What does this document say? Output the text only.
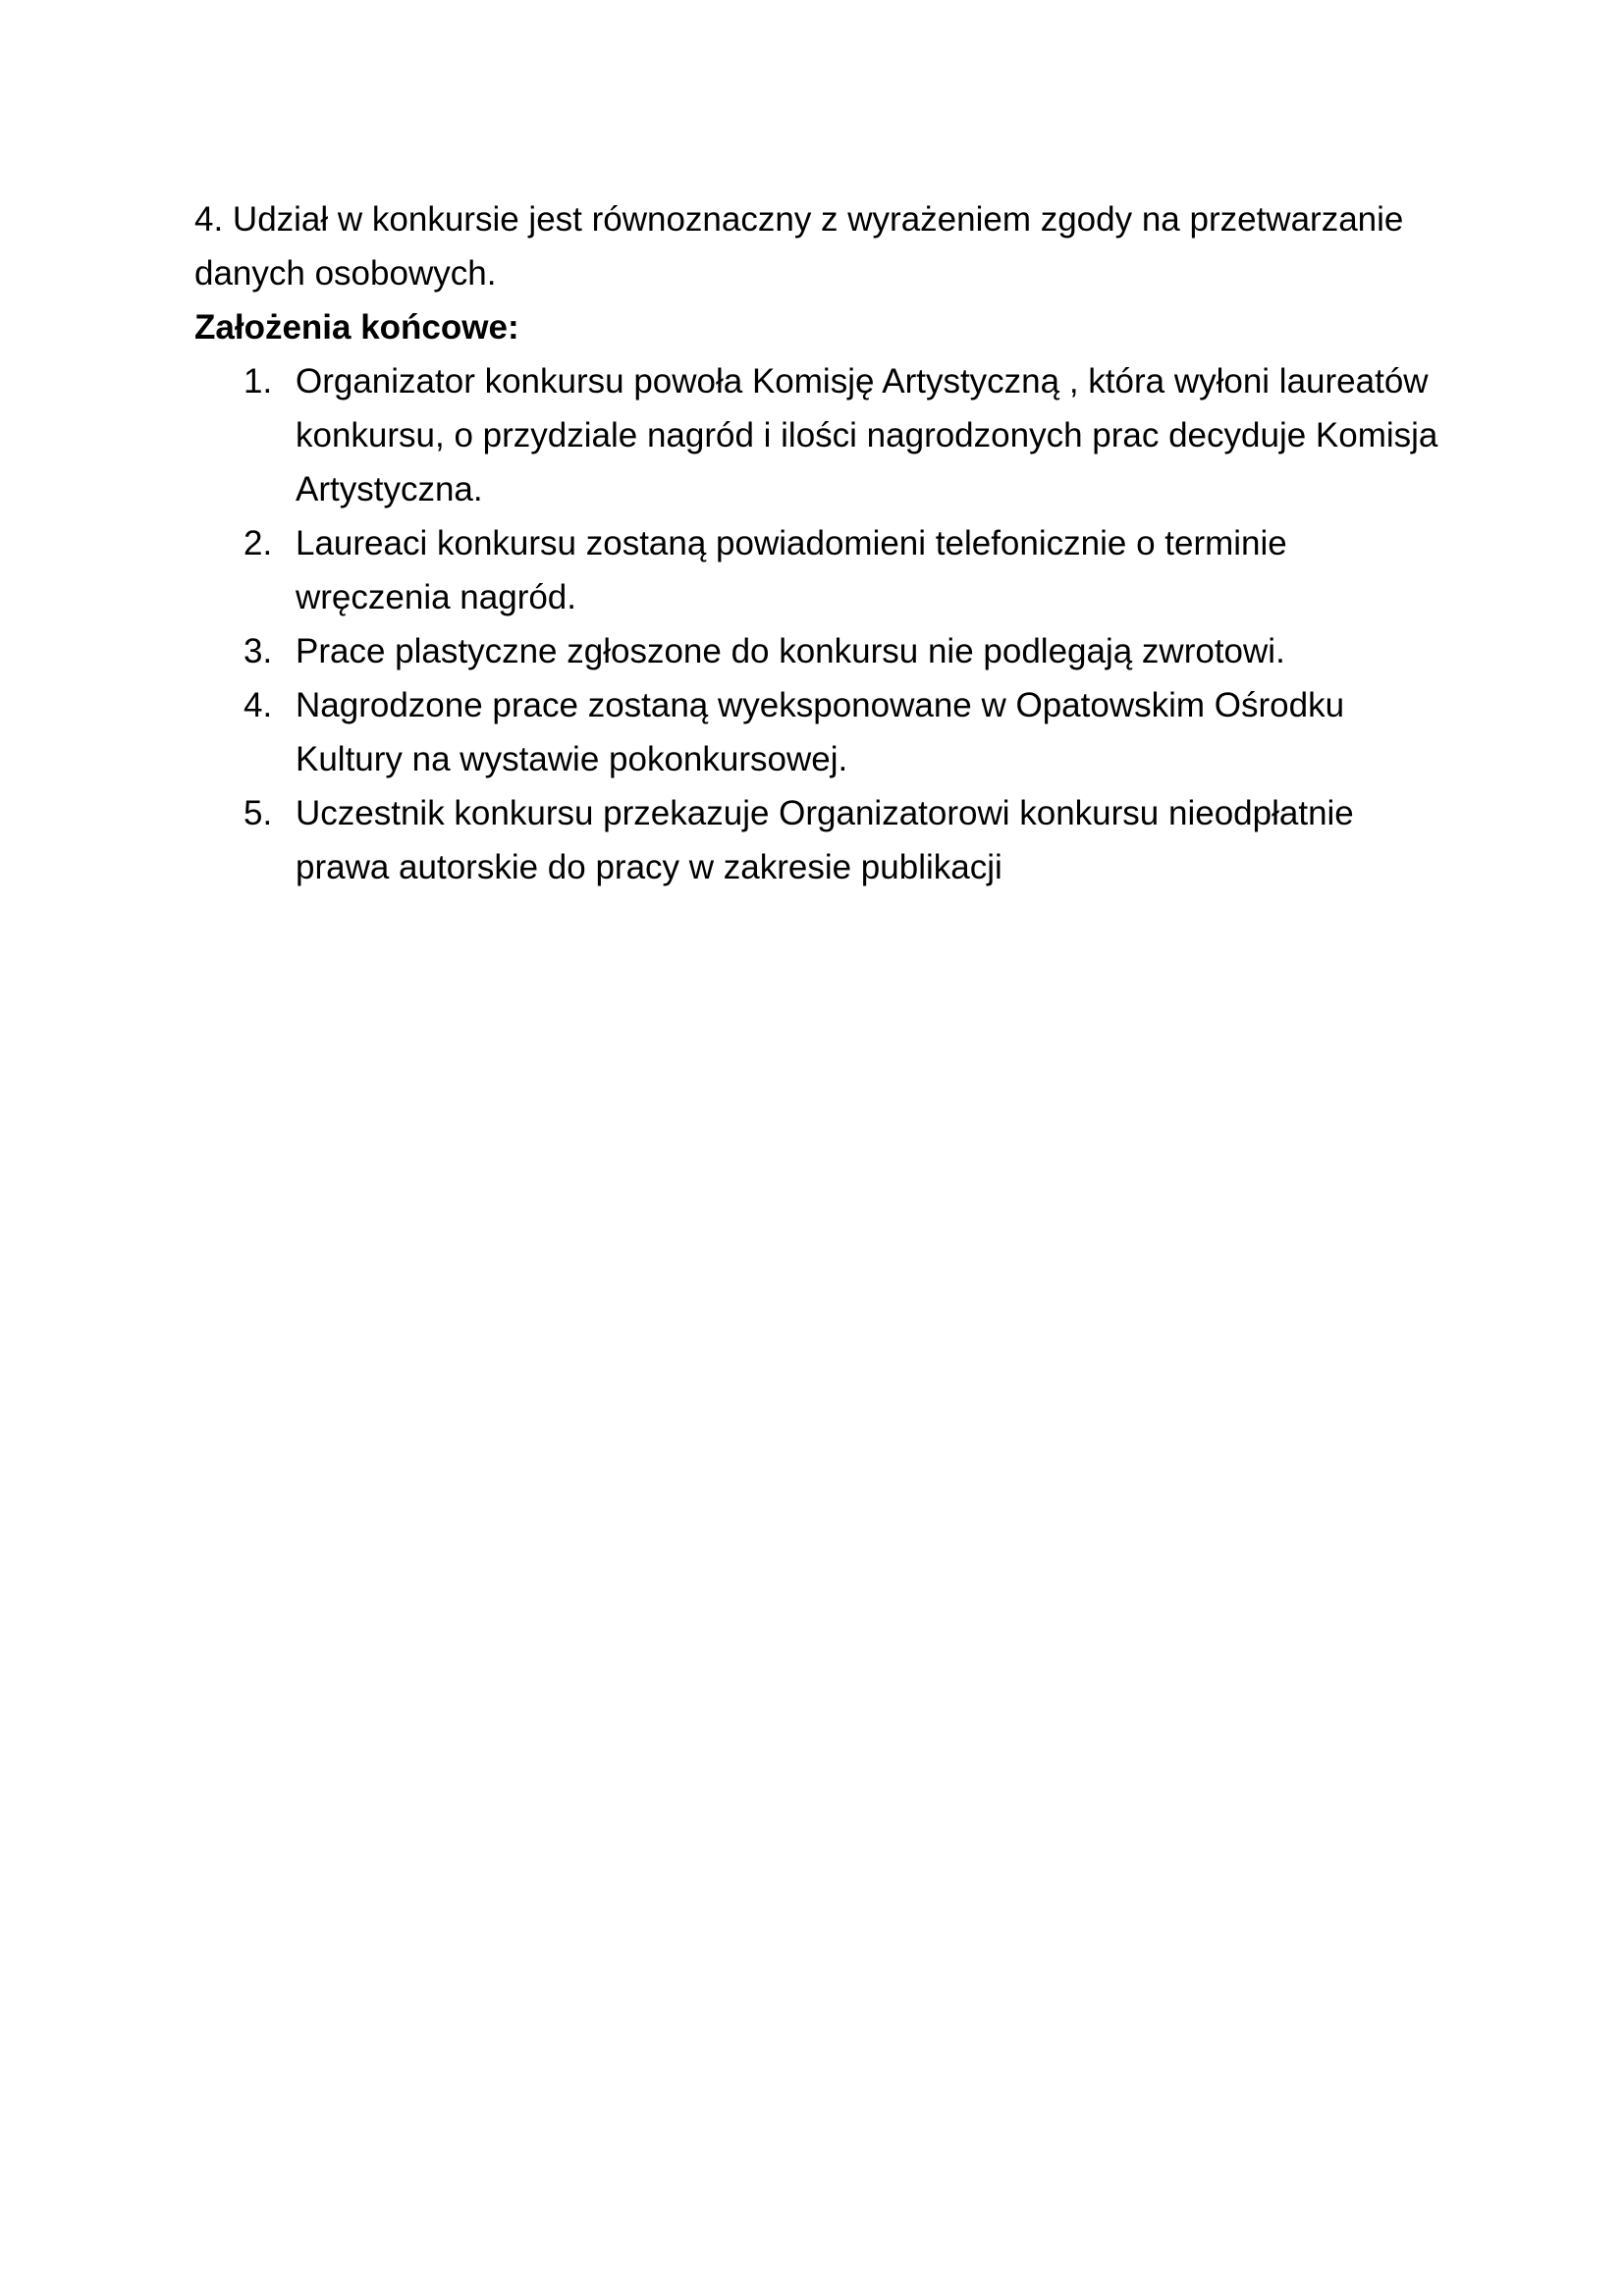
4. Udział w konkursie jest równoznaczny z wyrażeniem zgody na przetwarzanie danych osobowych.

Założenia końcowe:

1. Organizator konkursu powoła Komisję Artystyczną , która wyłoni laureatów konkursu, o przydziale nagród i ilości nagrodzonych prac decyduje Komisja Artystyczna.
2. Laureaci konkursu zostaną powiadomieni telefonicznie o terminie wręczenia nagród.
3. Prace plastyczne zgłoszone do konkursu nie podlegają zwrotowi.
4. Nagrodzone prace zostaną wyeksponowane w Opatowskim Ośrodku Kultury na wystawie pokonkursowej.
5. Uczestnik konkursu przekazuje Organizatorowi konkursu nieodpłatnie prawa autorskie do pracy w zakresie publikacji
